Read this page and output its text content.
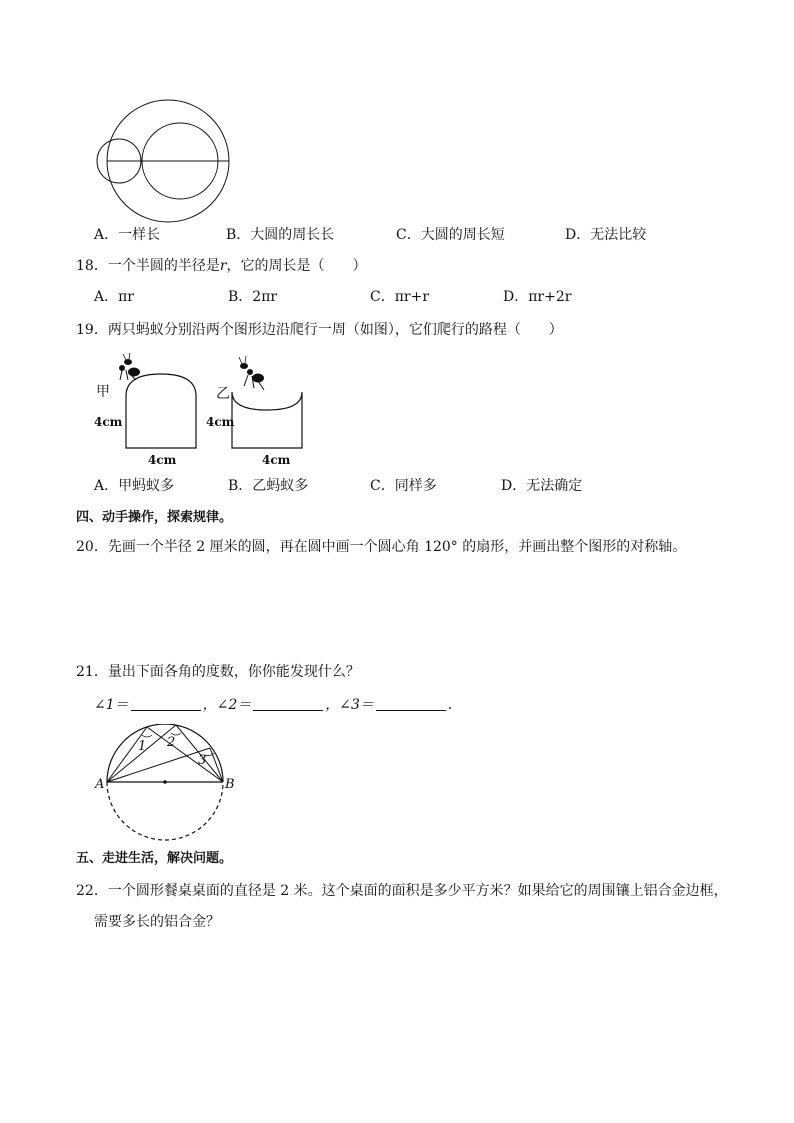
A．一样长	B．大圆的周长长	C．大圆的周长短	D．无法比较
18．一个半圆的半径是r，它的周长是（　　）
A．πr	B．2πr	C．πr+r	D．πr+2r
19．两只蚂蚁分别沿两个图形边沿爬行一周（如图），它们爬行的路程（　　）
甲	乙
4cm	4cm
4cm	4cm
A．甲蚂蚁多	B．乙蚂蚁多	C．同样多	D．无法确定
四、动手操作，探索规律。
20．先画一个半径 2 厘米的圆，再在圆中画一个圆心角 120° 的扇形，并画出整个图形的对称轴。
21．量出下面各角的度数，你你能发现什么？
∠1＝	，∠2＝	，∠3＝	．
1 2
3
A	B
五、走进生活，解决问题。
22．一个圆形餐桌桌面的直径是 2 米。这个桌面的面积是多少平方米？如果给它的周围镶上铝合金边框，
需要多长的铝合金？
